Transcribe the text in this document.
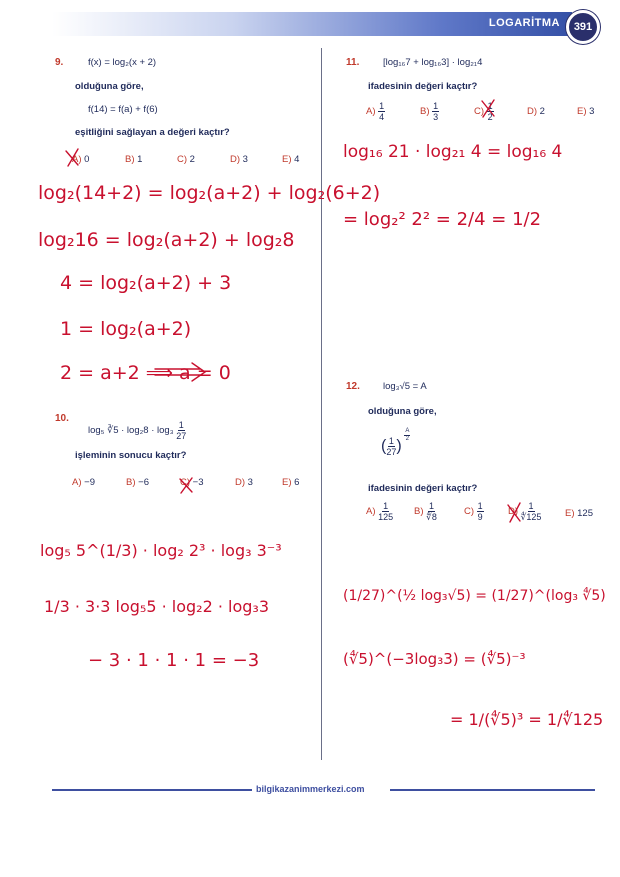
LOGARİTMA	391
9.	f(x) = log₂(x + 2)
olduğuna göre,
f(14) = f(a) + f(6)
eşitliğini sağlayan a değeri kaçtır?
A) 0	B) 1	C) 2	D) 3	E) 4
10.
log₅ ∛5 · $\log_28 \cdot \log_3 \frac{1}{27}$
işleminin sonucu kaçtır?
A) −9	B) −6	C) −3	D) 3	E) 6
11. [log₁₆7 + log₁₆3] · log₂₁4
ifadesinin değeri kaçtır?
$A) \frac{1}{4}$	$B) \frac{1}{3}$	$C) \frac{1}{2}$	D) 2	E) 3
12. log₃√5 = A
olduğuna göre,
( $\frac{1}{27}$ )
$\frac{A}{2}$
ifadesinin değeri kaçtır?
$A) \frac{1}{125} B) \frac{1}{∜8}$	$C) \frac{1}{9}$	$D) \frac{1}{∜125} E$) 125
log₂(14+2) = log₂(a+2) + log₂(6+2)
log₂16 = log₂(a+2) + log₂8
4 = log₂(a+2) + 3
1 = log₂(a+2)
2 = a+2 ⟹ a = 0
log₅ 5^(1/3) · log₂ 2³ · log₃ 3⁻³
1/3 · 3·3 log₅5 · log₂2 · log₃3
− 3 · 1 · 1 · 1 = −3
log₁₆ 21 · log₂₁ 4 = log₁₆ 4
= log₂² 2² = 2/4 = 1/2
(1/27)^(½ log₃√5) = (1/27)^(log₃ ∜5)
(∜5)^(−3log₃3) = (∜5)⁻³
= 1/(∜5)³ = 1/∜125
bilgikazanimmerkezi.com
